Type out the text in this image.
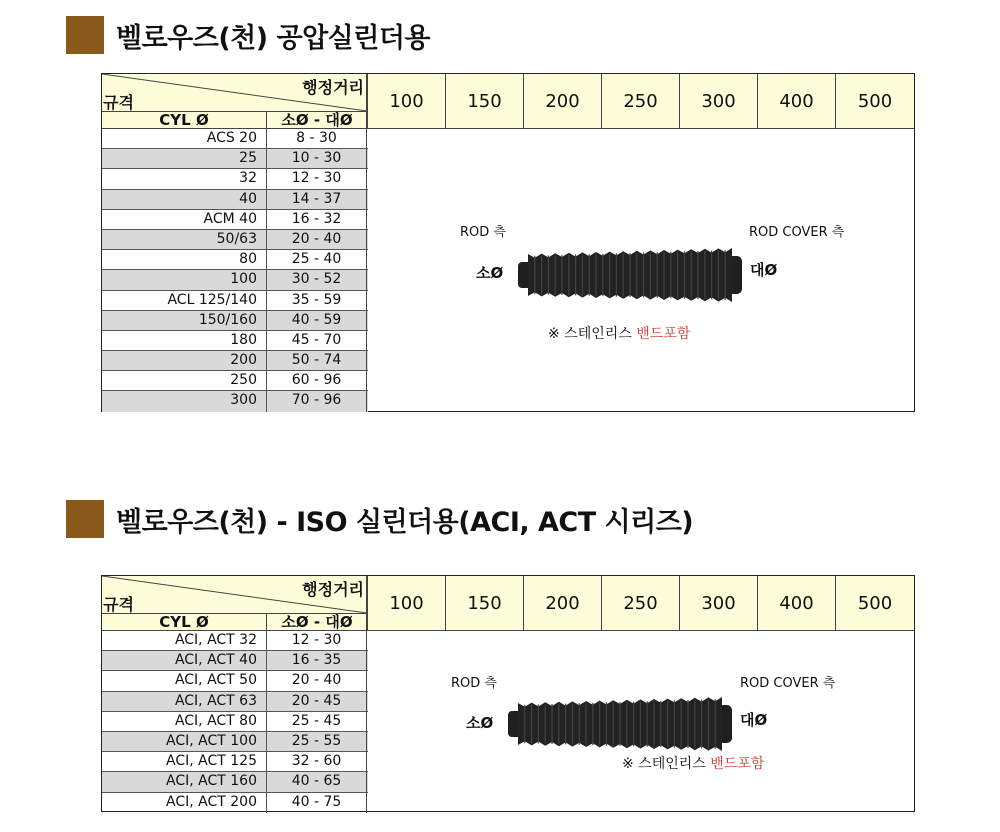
벨로우즈(천) 공압실린더용
행정거리
규격
CYL Ø	소Ø - 대Ø
100	150	200	250	300	400	500
ACS 20	8 - 30
25	10 - 30
32	12 - 30
40	14 - 37
ACM 40	16 - 32
50/63	20 - 40
80	25 - 40
100	30 - 52
ACL 125/140	35 - 59
150/160	40 - 59
180	45 - 70
200	50 - 74
250	60 - 96
300	70 - 96
ROD 측	ROD COVER 측
소Ø	대Ø
※ 스테인리스 밴드포함
벨로우즈(천) - ISO 실린더용(ACI, ACT 시리즈)
행정거리
규격
CYL Ø	소Ø - 대Ø
100	150	200	250	300	400	500
ACI, ACT 32	12 - 30
ACI, ACT 40	16 - 35
ACI, ACT 50	20 - 40
ACI, ACT 63	20 - 45
ACI, ACT 80	25 - 45
ACI, ACT 100	25 - 55
ACI, ACT 125	32 - 60
ACI, ACT 160	40 - 65
ACI, ACT 200	40 - 75
ROD 측	ROD COVER 측
소Ø	대Ø
※ 스테인리스 밴드포함
